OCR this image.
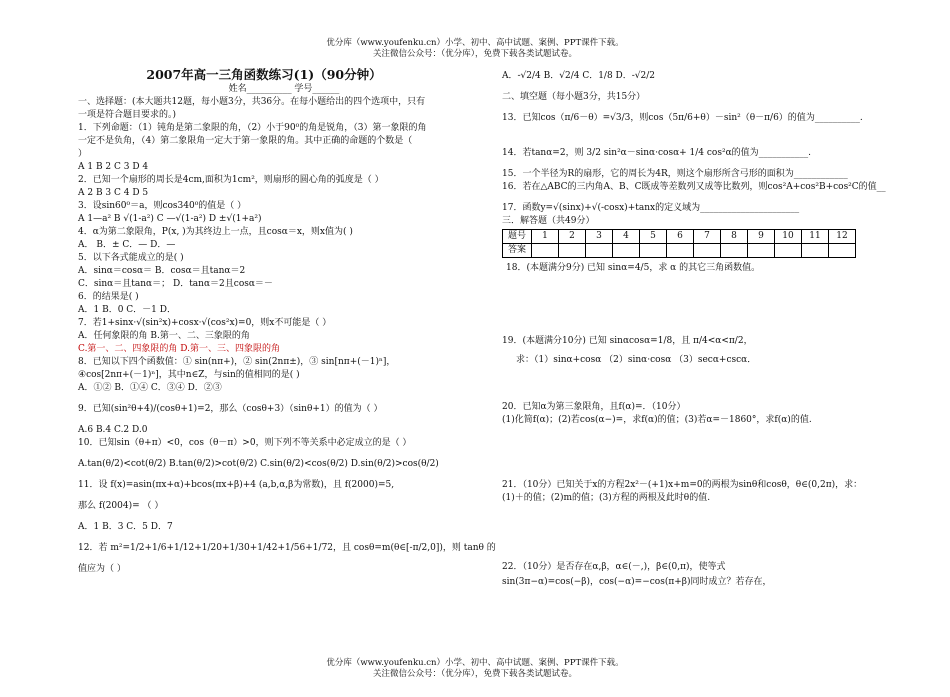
优分库（www.youfenku.cn）小学、初中、高中试题、案例、PPT课件下载。
关注微信公众号：（优分库），免费下载各类试题试卷。
2007年高一三角函数练习(1)（90分钟）
姓名__________ 学号______
一、选择题：(本大题共12题，每小题3分，共36分。在每小题给出的四个选项中，只有
一项是符合题目要求的。)
1．下列命题：（1）钝角是第二象限的角，（2）小于90⁰的角是锐角，（3）第一象限的角
一定不是负角，（4）第二象限角一定大于第一象限的角。其中正确的命题的个数是（
）
A 1 B 2 C 3 D 4
2．已知一个扇形的周长是4cm,面积为1cm²，则扇形的圆心角的弧度是（ ）
A 2 B 3 C 4 D 5
3．设sin60⁰＝a，则cos340⁰的值是（ ）
A 1—a² B √(1-a²) C —√(1-a²) D ±√(1+a²)
4．α为第二象限角，P(x, )为其终边上一点，且cosα＝x，则x值为( )
A． B．± C．— D．—
5．以下各式能成立的是( )
A．sinα＝cosα＝ B．cosα＝且tanα＝2
C．sinα＝且tanα＝； D．tanα＝2且cosα＝－
6．的结果是( )
A．1 B．0 C．－1 D．
7．若1+sinx·√(sin²x)+cosx·√(cos²x)=0，则x不可能是（ ）
A．任何象限的角 B.第一、二、三象限的角
C.第一、二、四象限的角 D.第一、三、四象限的角
8．已知以下四个函数值：① sin(nπ+)，② sin(2nπ±)，③ sin[nπ+(－1)ⁿ]，
④cos[2nπ+(－1)ⁿ]，其中n∈Z，与sin的值相同的是( )
A．①② B．①④ C．③④ D．②③
9．已知(sin²θ+4)/(cosθ+1)=2，那么（cosθ+3）（sinθ+1）的值为（ ）
A.6 B.4 C.2 D.0
10．已知sin（θ+π）<0，cos（θ－π）>0，则下列不等关系中必定成立的是（ ）
A.tan(θ/2)<cot(θ/2) B.tan(θ/2)>cot(θ/2) C.sin(θ/2)<cos(θ/2) D.sin(θ/2)>cos(θ/2)
11．设 f(x)=asin(πx+α)+bcos(πx+β)+4 (a,b,α,β为常数)，且 f(2000)=5,
那么 f(2004)= （ ）
A．1 B．3 C．5 D．7
12．若 m²=1/2+1/6+1/12+1/20+1/30+1/42+1/56+1/72，且 cosθ=m(θ∈[-π/2,0])，则 tanθ 的
值应为（ ）
A．-√2/4 B．√2/4 C．1/8 D．-√2/2
二、填空题（每小题3分，共15分）
13．已知cos（π/6－θ）=√3/3，则cos（5π/6+θ）－sin²（θ－π/6）的值为__________.
14．若tanα=2，则 3/2 sin²α－sinα·cosα+ 1/4 cos²α的值为___________.
15．一个半径为R的扇形，它的周长为4R，则这个扇形所含弓形的面积为____________
16．若在△ABC的三内角A、B、C既成等差数列又成等比数列，则cos²A+cos²B+cos²C的值__
17．函数y=√(sinx)+√(-cosx)+tanx的定义域为______________________
三．解答题（共49分）
题号	1	2	3	4	5	6	7	8	9	10	11	12
答案												
18．(本题满分9分) 已知 sinα=4/5，求 α 的其它三角函数值。
19．(本题满分10分) 已知 sinαcosα=1/8，且 π/4<α<π/2，
求：（1）sinα+cosα （2）sinα·cosα （3）secα+cscα．
20．已知α为第三象限角，且f(α)=．（10分）
(1)化简f(α)；(2)若cos(α−)=，求f(α)的值；(3)若α=－1860°，求f(α)的值.
21．（10分）已知关于x的方程2x²－(+1)x+m=0的两根为sinθ和cosθ，θ∈(0,2π)，求：
(1)＋的值；(2)m的值；(3)方程的两根及此时θ的值.
22．（10分）是否存在α,β，α∈(－,)，β∈(0,π)，使等式
sin(3π−α)=cos(−β)，cos(−α)=−cos(π+β)同时成立？若存在，
优分库（www.youfenku.cn）小学、初中、高中试题、案例、PPT课件下载。
关注微信公众号：（优分库），免费下载各类试题试卷。
